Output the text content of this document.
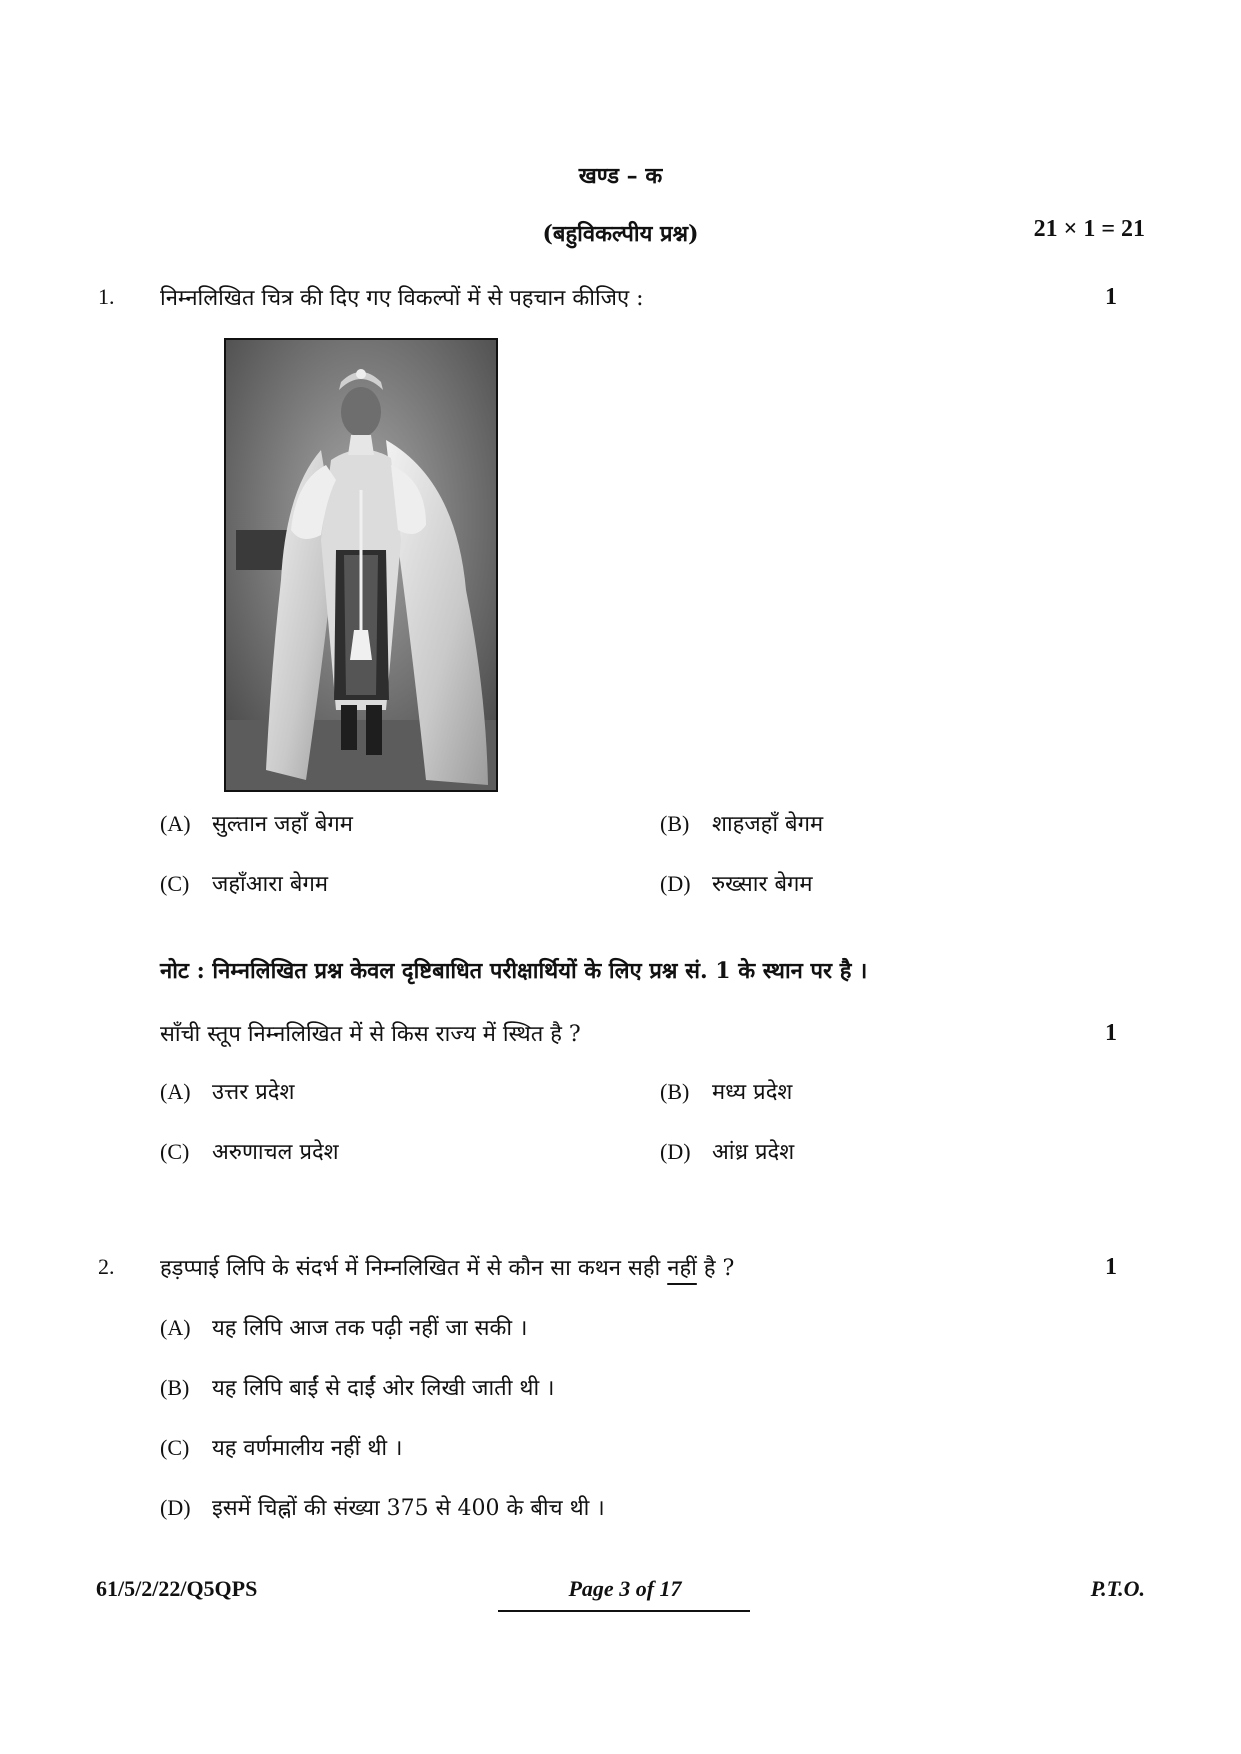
खण्ड – क
(बहुविकल्पीय प्रश्न)	21 × 1 = 21
1. निम्नलिखित चित्र की दिए गए विकल्पों में से पहचान कीजिए :	1
(A) सुल्तान जहाँ बेगम	(B) शाहजहाँ बेगम
(C) जहाँआरा बेगम	(D) रुख्सार बेगम
नोट : निम्नलिखित प्रश्न केवल दृष्टिबाधित परीक्षार्थियों के लिए प्रश्न सं. 1 के स्थान पर है ।
साँची स्तूप निम्नलिखित में से किस राज्य में स्थित है ?	1
(A) उत्तर प्रदेश	(B) मध्य प्रदेश
(C) अरुणाचल प्रदेश	(D) आंध्र प्रदेश
2. हड़प्पाई लिपि के संदर्भ में निम्नलिखित में से कौन सा कथन सही नहीं है ?	1
(A) यह लिपि आज तक पढ़ी नहीं जा सकी ।
(B) यह लिपि बाईं से दाईं ओर लिखी जाती थी ।
(C) यह वर्णमालीय नहीं थी ।
(D) इसमें चिह्नों की संख्या 375 से 400 के बीच थी ।
61/5/2/22/Q5QPS	Page 3 of 17	P.T.O.
